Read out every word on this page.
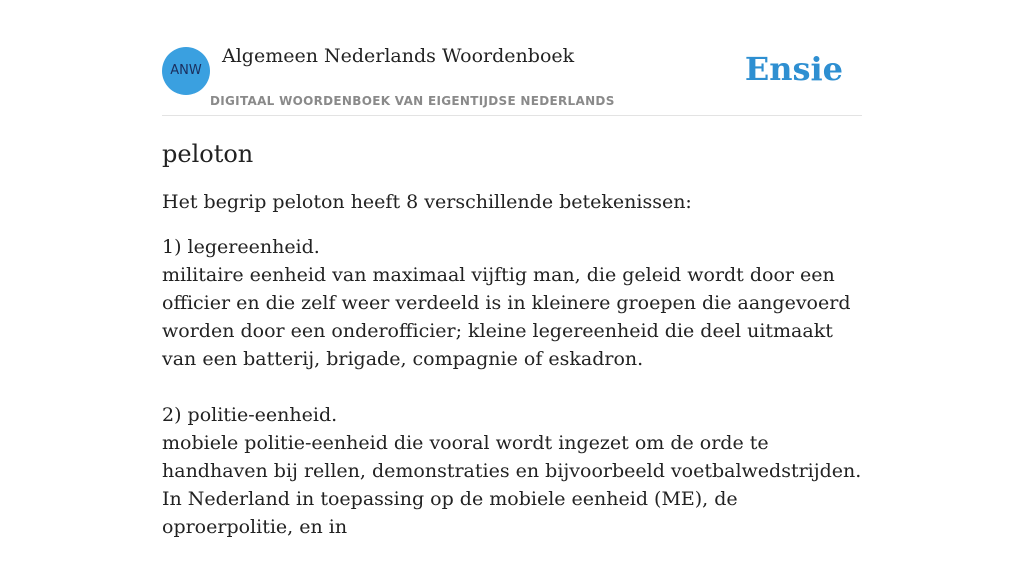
ANW
Algemeen Nederlands Woordenboek
DIGITAAL WOORDENBOEK VAN EIGENTIJDSE NEDERLANDS
Ensie
peloton

Het begrip peloton heeft 8 verschillende betekenissen:

1) legereenheid.
militaire eenheid van maximaal vijftig man, die geleid wordt door een officier en die zelf weer verdeeld is in kleinere groepen die aangevoerd worden door een onderofficier; kleine legereenheid die deel uitmaakt van een batterij, brigade, compagnie of eskadron.
2) politie-eenheid.
mobiele politie-eenheid die vooral wordt ingezet om de orde te handhaven bij rellen, demonstraties en bijvoorbeeld voetbalwedstrijden.
In Nederland in toepassing op de mobiele eenheid (ME), de oproerpolitie, en in
